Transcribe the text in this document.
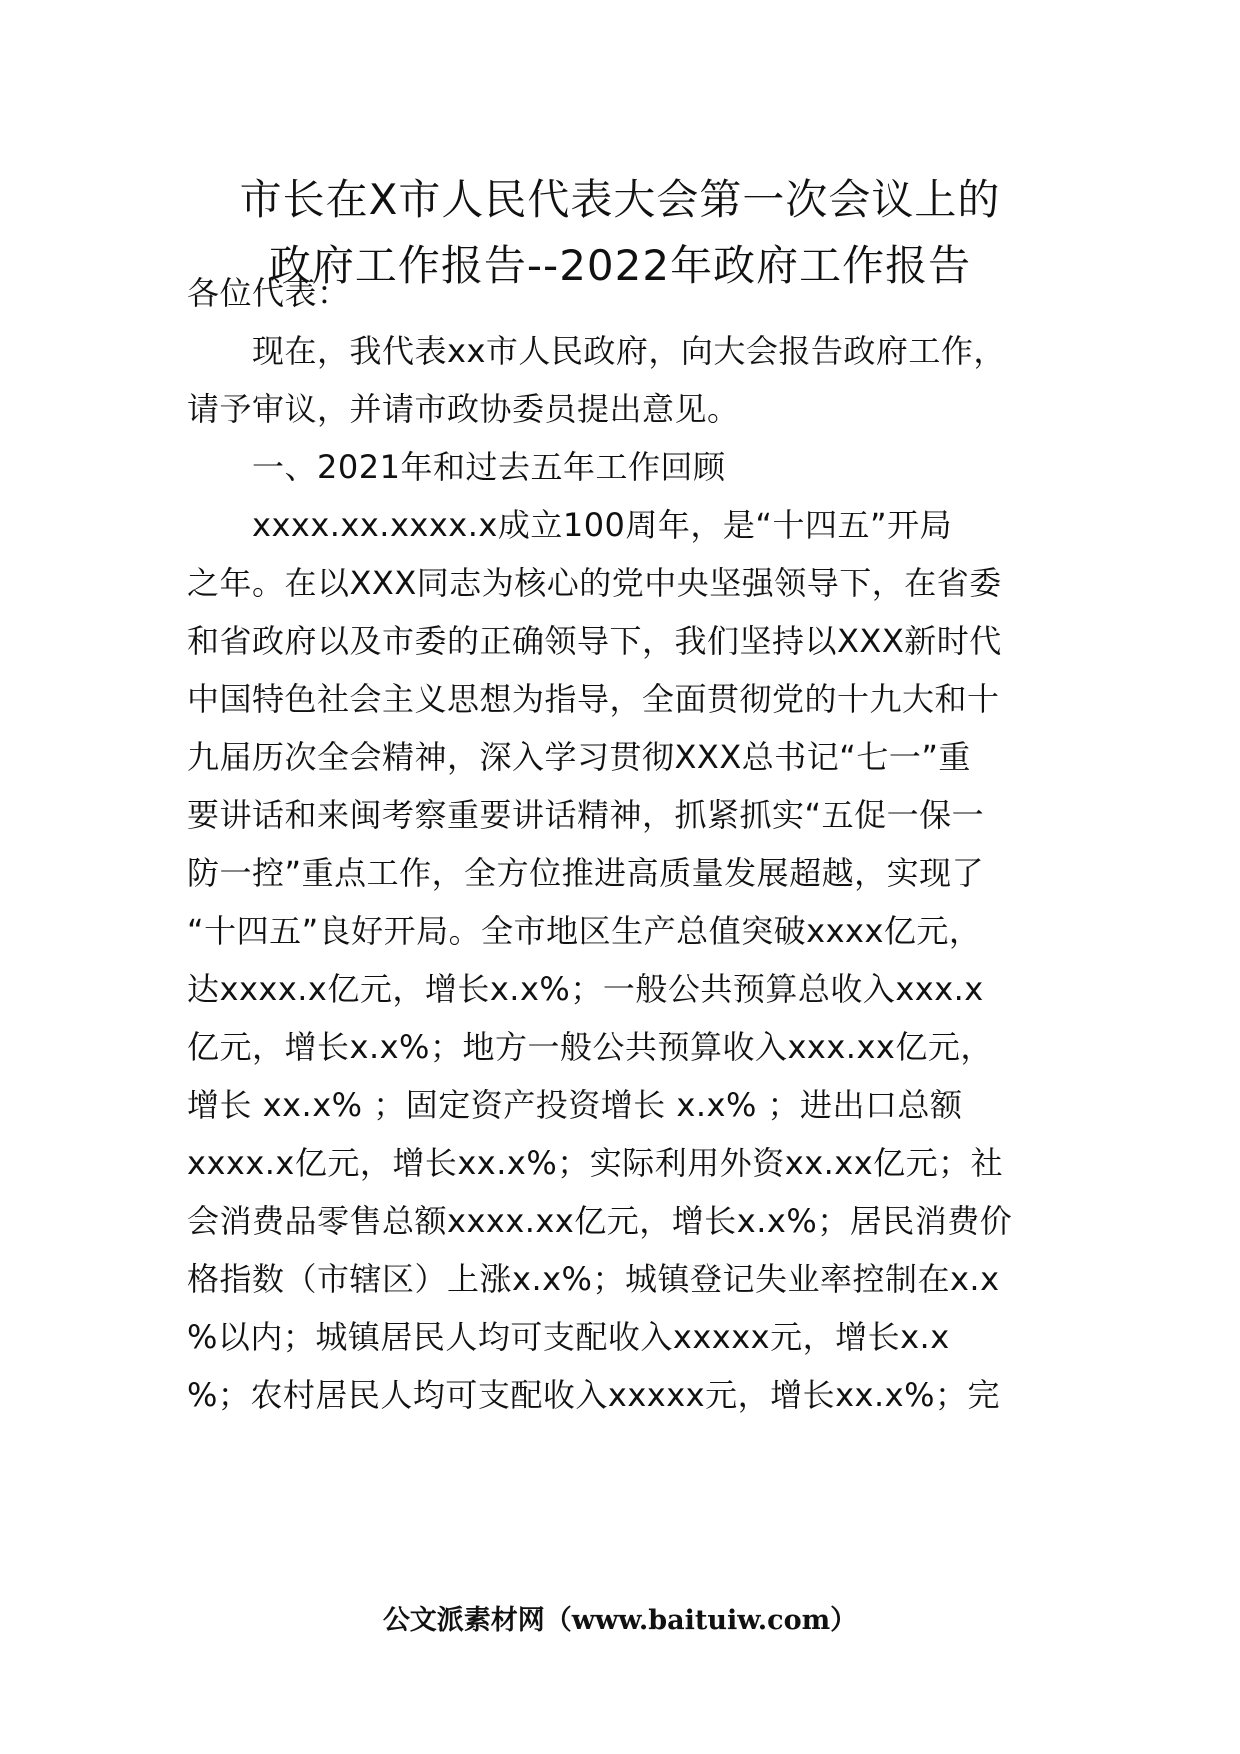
市长在X市人民代表大会第一次会议上的
政府工作报告--2022年政府工作报告
各位代表：
现在，我代表xx市人民政府，向大会报告政府工作，
请予审议，并请市政协委员提出意见。
一、2021年和过去五年工作回顾
xxxx.xx.xxxx.x成立100周年，是“十四五”开局
之年。在以XXX同志为核心的党中央坚强领导下，在省委
和省政府以及市委的正确领导下，我们坚持以XXX新时代
中国特色社会主义思想为指导，全面贯彻党的十九大和十
九届历次全会精神，深入学习贯彻XXX总书记“七一”重
要讲话和来闽考察重要讲话精神，抓紧抓实“五促一保一
防一控”重点工作，全方位推进高质量发展超越，实现了
“十四五”良好开局。全市地区生产总值突破xxxx亿元，
达xxxx.x亿元，增长x.x%；一般公共预算总收入xxx.x
亿元，增长x.x%；地方一般公共预算收入xxx.xx亿元，
增长 xx.x% ；固定资产投资增长 x.x% ；进出口总额
xxxx.x亿元，增长xx.x%；实际利用外资xx.xx亿元；社
会消费品零售总额xxxx.xx亿元，增长x.x%；居民消费价
格指数（市辖区）上涨x.x%；城镇登记失业率控制在x.x
%以内；城镇居民人均可支配收入xxxxx元，增长x.x
%；农村居民人均可支配收入xxxxx元，增长xx.x%；完
公文派素材网（www.baituiw.com）
